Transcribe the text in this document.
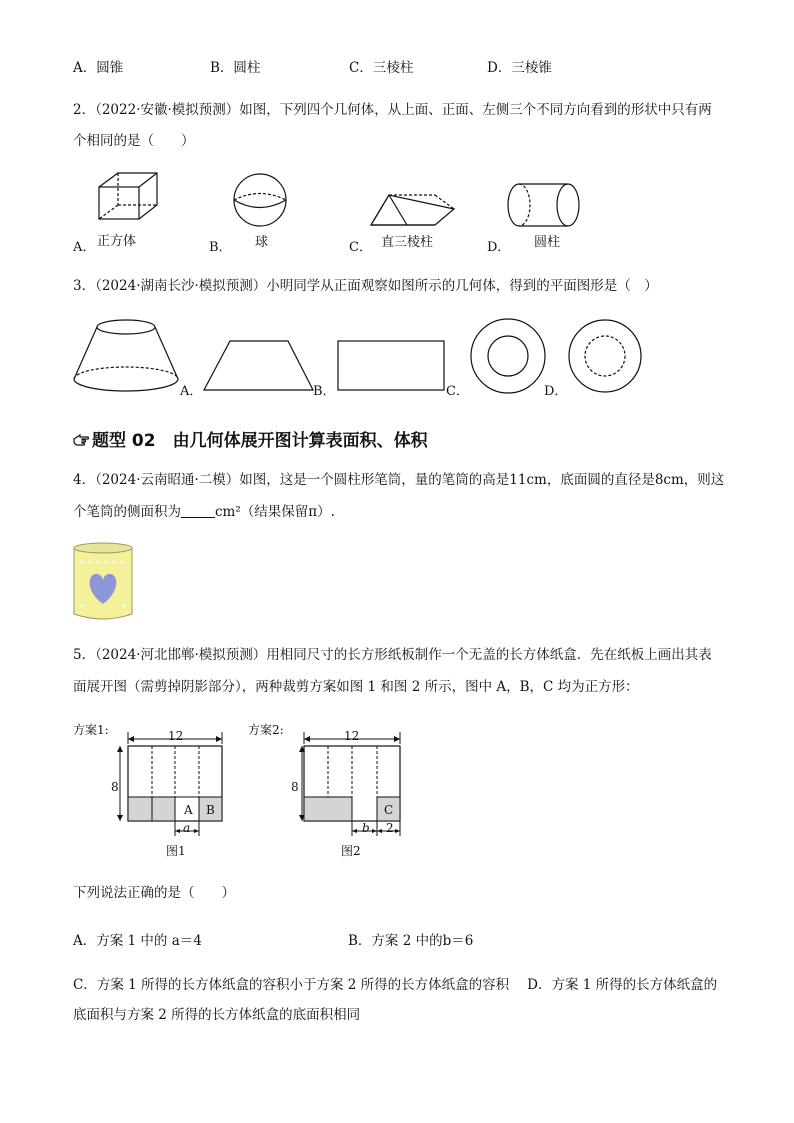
A．圆锥	B．圆柱	C．三棱柱	D．三棱锥
2．（2022·安徽·模拟预测）如图，下列四个几何体，从上面、正面、左侧三个不同方向看到的形状中只有两
个相同的是（　　）
A． 正方体	B． 球	C． 直三棱柱	D． 圆柱
3．（2024·湖南长沙·模拟预测）小明同学从正面观察如图所示的几何体，得到的平面图形是（　）
A．	B．	C．	D．
题型 02　由几何体展开图计算表面积、体积
4．（2024·云南昭通·二模）如图，这是一个圆柱形笔筒，量的笔筒的高是11cm，底面圆的直径是8cm，则这
个笔筒的侧面积为	cm²（结果保留π）.
5．（2024·河北邯郸·模拟预测）用相同尺寸的长方形纸板制作一个无盖的长方体纸盒．先在纸板上画出其表
面展开图（需剪掉阴影部分），两种裁剪方案如图 1 和图 2 所示，图中 A，B，C 均为正方形：
方案1:	12
8
A B
a
图1
方案2:	12
8
C
b 2
图2
下列说法正确的是（　　）
A．方案 1 中的 a＝4	B．方案 2 中的b＝6
C．方案 1 所得的长方体纸盒的容积小于方案 2 所得的长方体纸盒的容积 D．方案 1 所得的长方体纸盒的
底面积与方案 2 所得的长方体纸盒的底面积相同
